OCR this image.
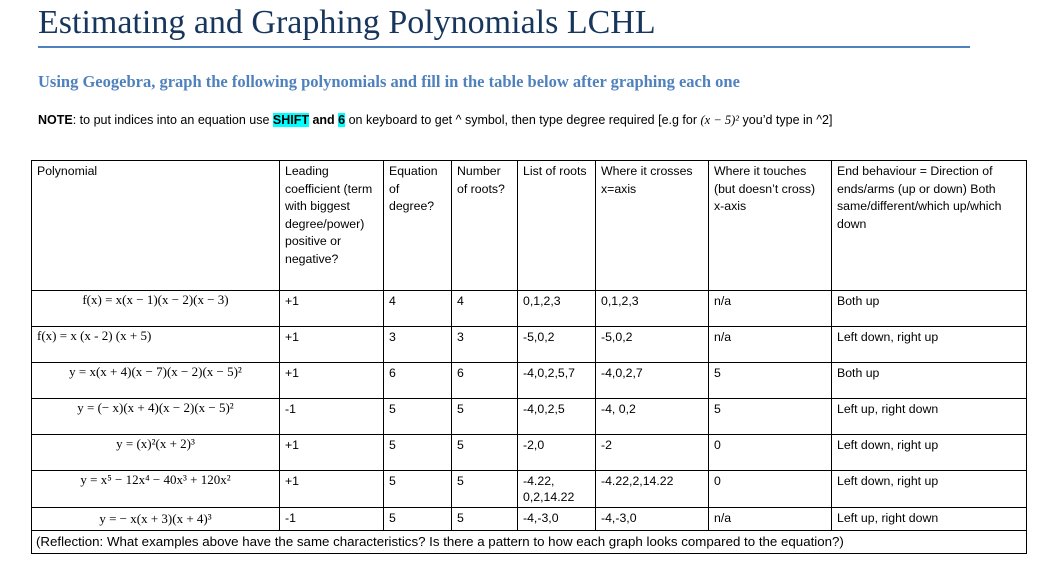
Estimating and Graphing Polynomials LCHL
Using Geogebra, graph the following polynomials and fill in the table below after graphing each one
NOTE: to put indices into an equation use SHIFT and 6 on keyboard to get ^ symbol, then type degree required [e.g for (x − 5)² you’d type in ^2]
Polynomial	Leading coefficient (term with biggest degree/power) positive or negative?	Equation of degree?	Number of roots?	List of roots	Where it crosses x=axis	Where it touches (but doesn’t cross) x-axis	End behaviour = Direction of ends/arms (up or down) Both same/different/which up/which down
f(x) = x(x − 1)(x − 2)(x − 3)	+1	4	4	0,1,2,3	0,1,2,3	n/a	Both up
f(x) = x (x - 2) (x + 5)	+1	3	3	-5,0,2	-5,0,2	n/a	Left down, right up
y = x(x + 4)(x − 7)(x − 2)(x − 5)²	+1	6	6	-4,0,2,5,7	-4,0,2,7	5	Both up
y = (− x)(x + 4)(x − 2)(x − 5)²	-1	5	5	-4,0,2,5	-4, 0,2	5	Left up, right down
y = (x)²(x + 2)³	+1	5	5	-2,0	-2	0	Left down, right up
y = x⁵ − 12x⁴ − 40x³ + 120x²	+1	5	5	-4.22, 0,2,14.22	-4.22,2,14.22	0	Left down, right up
y = − x(x + 3)(x + 4)³	-1	5	5	-4,-3,0	-4,-3,0	n/a	Left up, right down
(Reflection: What examples above have the same characteristics? Is there a pattern to how each graph looks compared to the equation?)							
